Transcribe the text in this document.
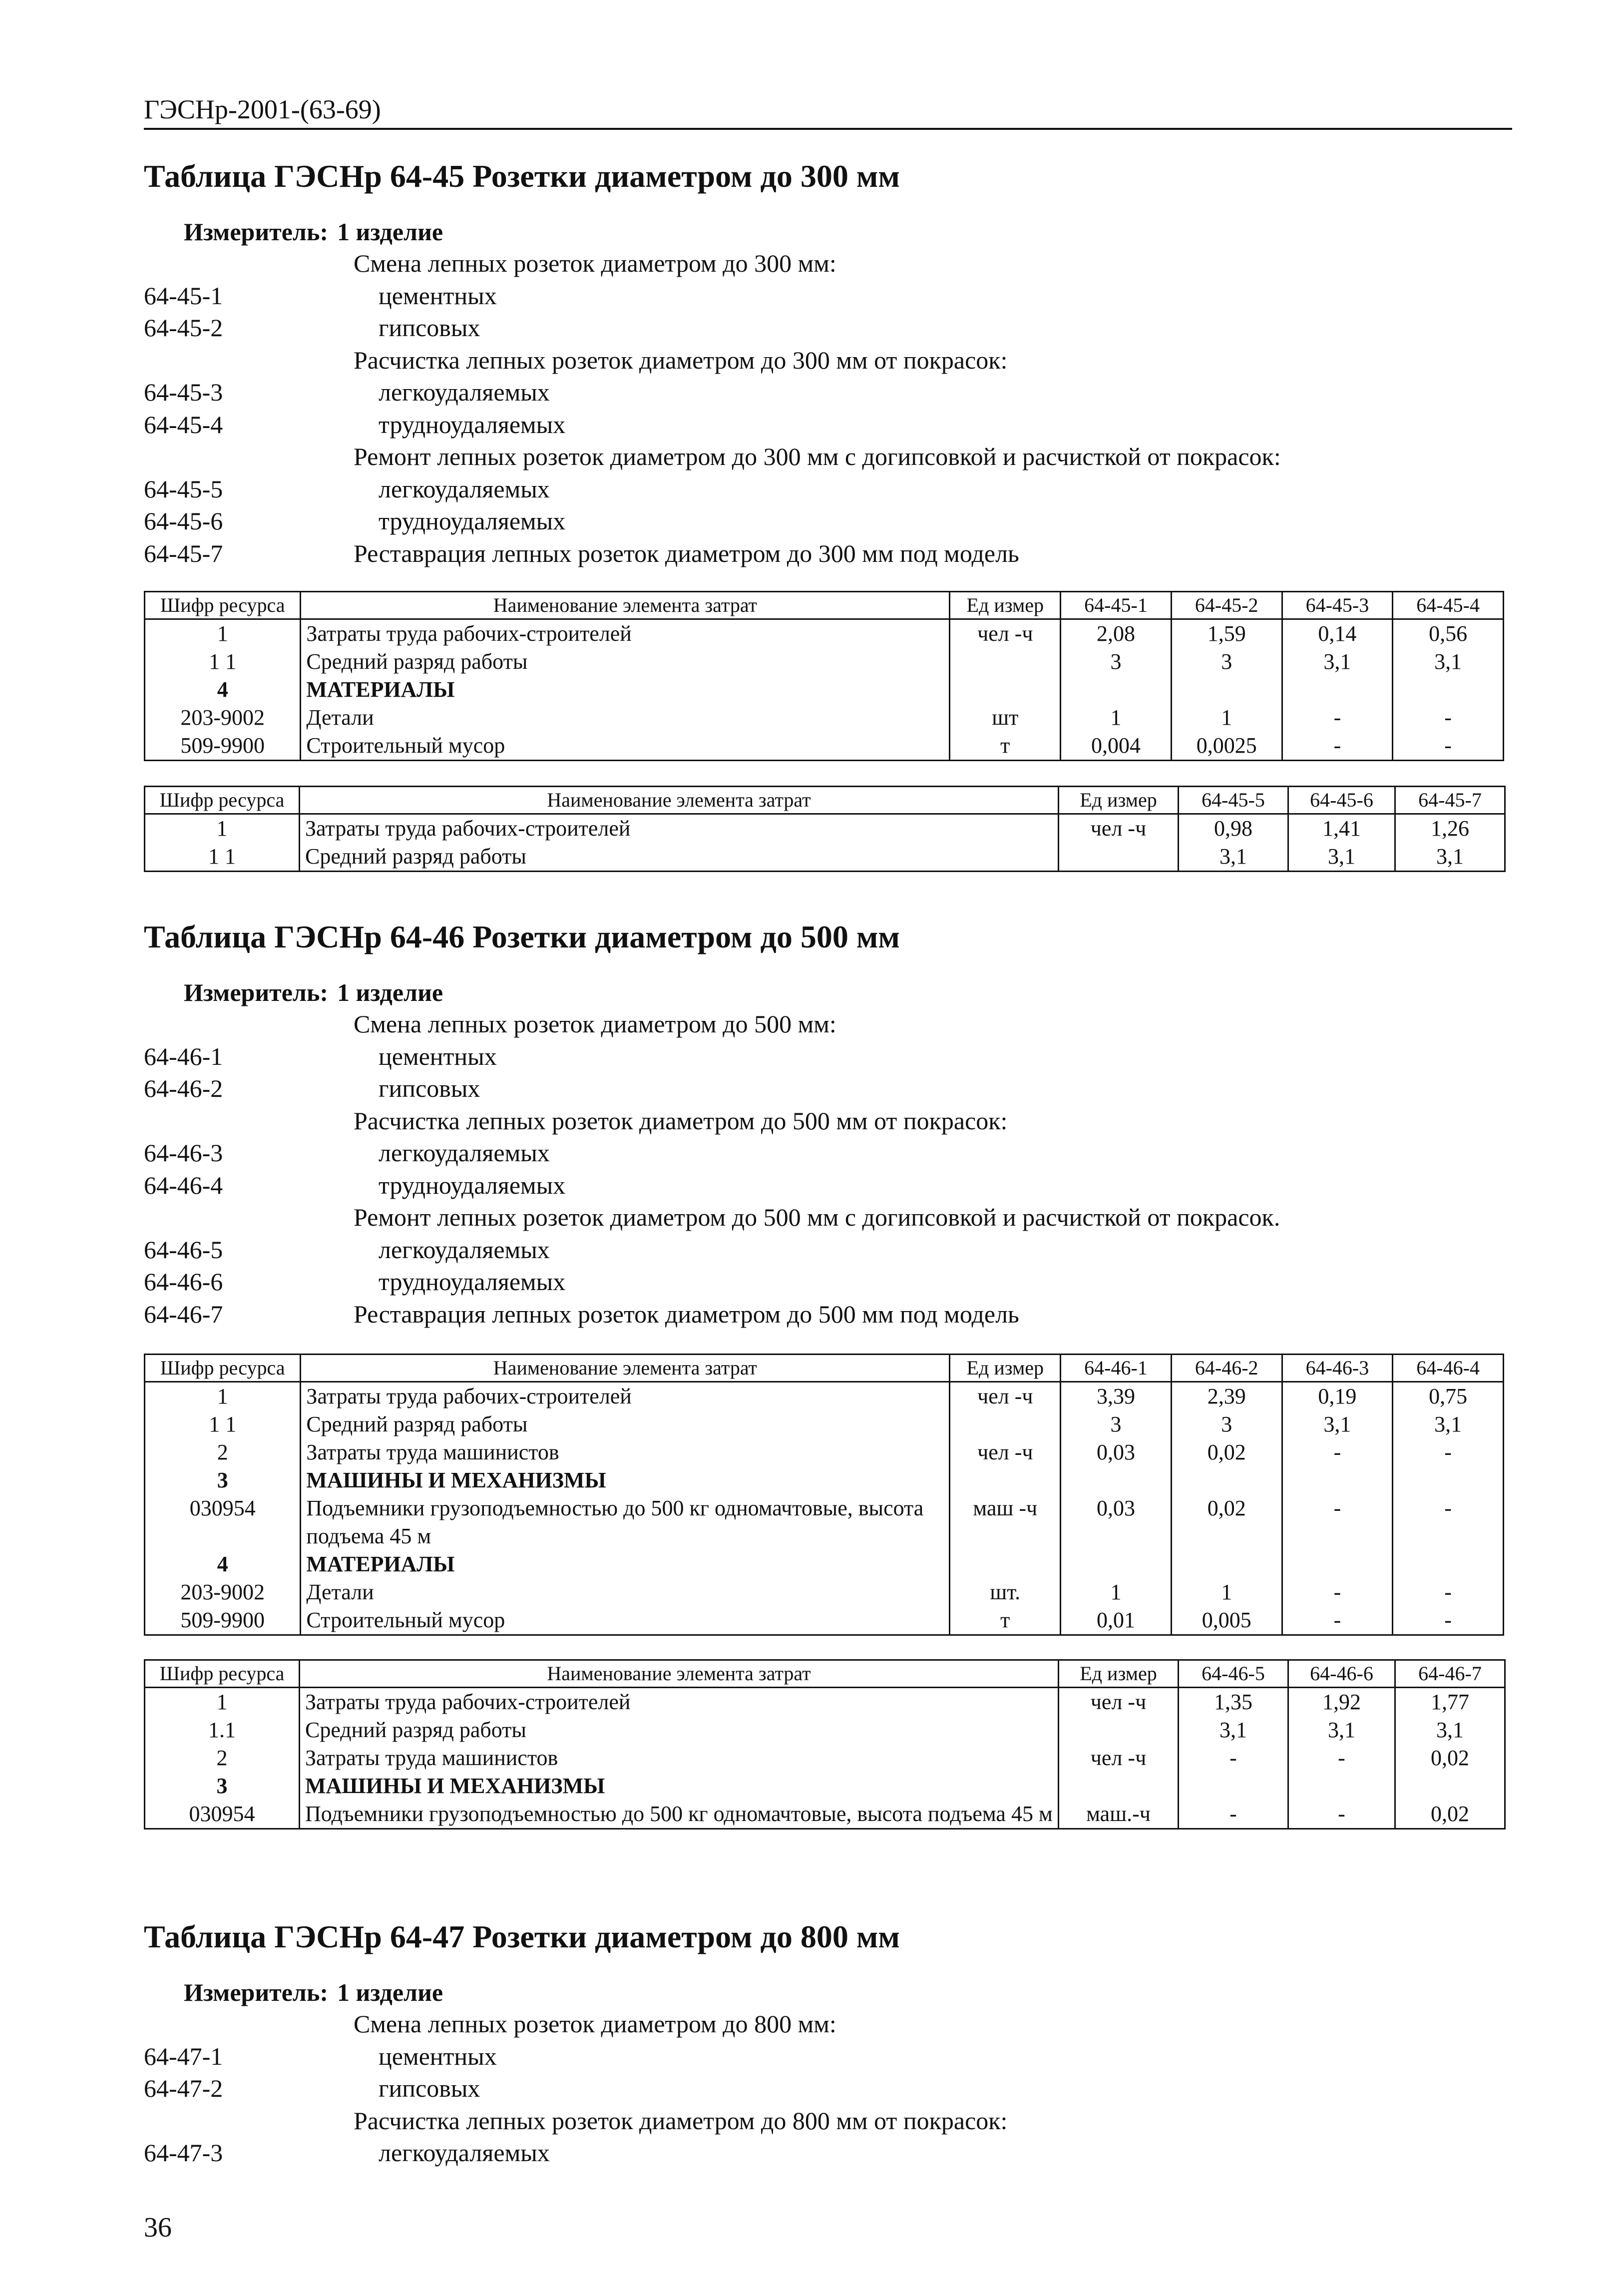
ГЭСНр-2001-(63-69)
Таблица ГЭСНр 64-45 Розетки диаметром до 300 мм
Измеритель: 1 изделие
Смена лепных розеток диаметром до 300 мм:
64-45-1	цементных
64-45-2	гипсовых
Расчистка лепных розеток диаметром до 300 мм от покрасок:
64-45-3	легкоудаляемых
64-45-4	трудноудаляемых
Ремонт лепных розеток диаметром до 300 мм с догипсовкой и расчисткой от покрасок:
64-45-5	легкоудаляемых
64-45-6	трудноудаляемых
64-45-7	Реставрация лепных розеток диаметром до 300 мм под модель
Шифр ресурса	Наименование элемента затрат	Ед измер	64-45-1	64-45-2	64-45-3	64-45-4
1	Затраты труда рабочих-строителей	чел -ч	2,08	1,59	0,14	0,56
1 1	Средний разряд работы		3	3	3,1	3,1
4	МАТЕРИАЛЫ					
203-9002	Детали	шт	1	1	-	-
509-9900	Строительный мусор	т	0,004	0,0025	-	-
Шифр ресурса	Наименование элемента затрат	Ед измер	64-45-5	64-45-6	64-45-7
1	Затраты труда рабочих-строителей	чел -ч	0,98	1,41	1,26
1 1	Средний разряд работы		3,1	3,1	3,1
Таблица ГЭСНр 64-46 Розетки диаметром до 500 мм
Измеритель: 1 изделие
Смена лепных розеток диаметром до 500 мм:
64-46-1	цементных
64-46-2	гипсовых
Расчистка лепных розеток диаметром до 500 мм от покрасок:
64-46-3	легкоудаляемых
64-46-4	трудноудаляемых
Ремонт лепных розеток диаметром до 500 мм с догипсовкой и расчисткой от покрасок.
64-46-5	легкоудаляемых
64-46-6	трудноудаляемых
64-46-7	Реставрация лепных розеток диаметром до 500 мм под модель
Шифр ресурса	Наименование элемента затрат	Ед измер	64-46-1	64-46-2	64-46-3	64-46-4
1	Затраты труда рабочих-строителей	чел -ч	3,39	2,39	0,19	0,75
1 1	Средний разряд работы		3	3	3,1	3,1
2	Затраты труда машинистов	чел -ч	0,03	0,02	-	-
3	МАШИНЫ И МЕХАНИЗМЫ					
030954	Подъемники грузоподъемностью до 500 кг одномачтовые, высота подъема 45 м	маш -ч	0,03	0,02	-	-
4	МАТЕРИАЛЫ					
203-9002	Детали	шт.	1	1	-	-
509-9900	Строительный мусор	т	0,01	0,005	-	-
Шифр ресурса	Наименование элемента затрат	Ед измер	64-46-5	64-46-6	64-46-7
1	Затраты труда рабочих-строителей	чел -ч	1,35	1,92	1,77
1.1	Средний разряд работы		3,1	3,1	3,1
2	Затраты труда машинистов	чел -ч	-	-	0,02
3	МАШИНЫ И МЕХАНИЗМЫ				
030954	Подъемники грузоподъемностью до 500 кг одномачтовые, высота подъема 45 м	маш.-ч	-	-	0,02
Таблица ГЭСНр 64-47 Розетки диаметром до 800 мм
Измеритель: 1 изделие
Смена лепных розеток диаметром до 800 мм:
64-47-1	цементных
64-47-2	гипсовых
Расчистка лепных розеток диаметром до 800 мм от покрасок:
64-47-3	легкоудаляемых
36
